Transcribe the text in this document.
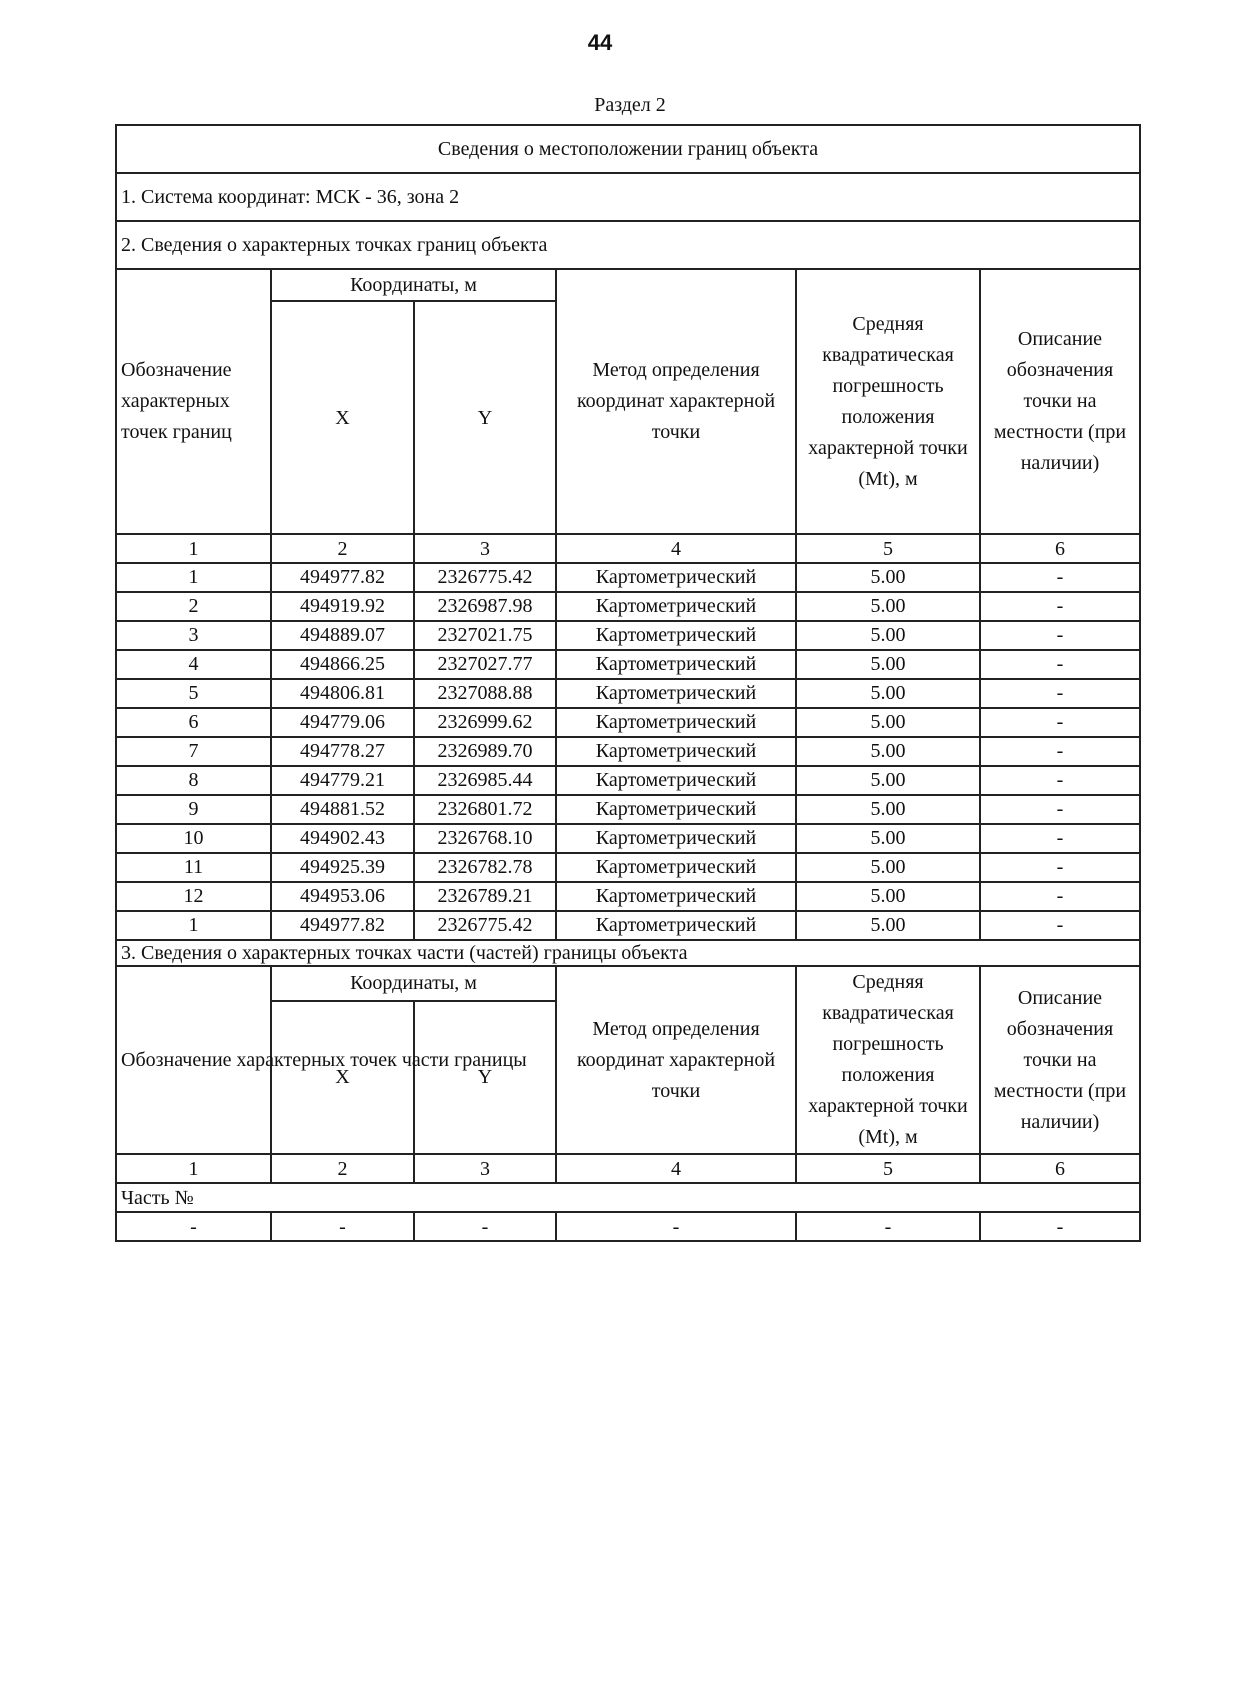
44
Раздел 2
Сведения о местоположении границ объекта					
1. Система координат: МСК - 36, зона 2					
2. Сведения о характерных точках границ объекта					
Обозначение характерных точек границ	Координаты, м		Метод определения координат характерной точки	Средняя квадратическая погрешность положения характерной точки (Mt), м	Описание обозначения точки на местности (при наличии)
	X	Y			
1	2	3	4	5	6
1	494977.82	2326775.42	Картометрический	5.00	-
2	494919.92	2326987.98	Картометрический	5.00	-
3	494889.07	2327021.75	Картометрический	5.00	-
4	494866.25	2327027.77	Картометрический	5.00	-
5	494806.81	2327088.88	Картометрический	5.00	-
6	494779.06	2326999.62	Картометрический	5.00	-
7	494778.27	2326989.70	Картометрический	5.00	-
8	494779.21	2326985.44	Картометрический	5.00	-
9	494881.52	2326801.72	Картометрический	5.00	-
10	494902.43	2326768.10	Картометрический	5.00	-
11	494925.39	2326782.78	Картометрический	5.00	-
12	494953.06	2326789.21	Картометрический	5.00	-
1	494977.82	2326775.42	Картометрический	5.00	-
3. Сведения о характерных точках части (частей) границы объекта					
Обозначение характерных точек части границы	Координаты, м		Метод определения координат характерной точки	Средняя квадратическая погрешность положения характерной точки (Mt), м	Описание обозначения точки на местности (при наличии)
	X	Y			
1	2	3	4	5	6
Часть №					
-	-	-	-	-	-
